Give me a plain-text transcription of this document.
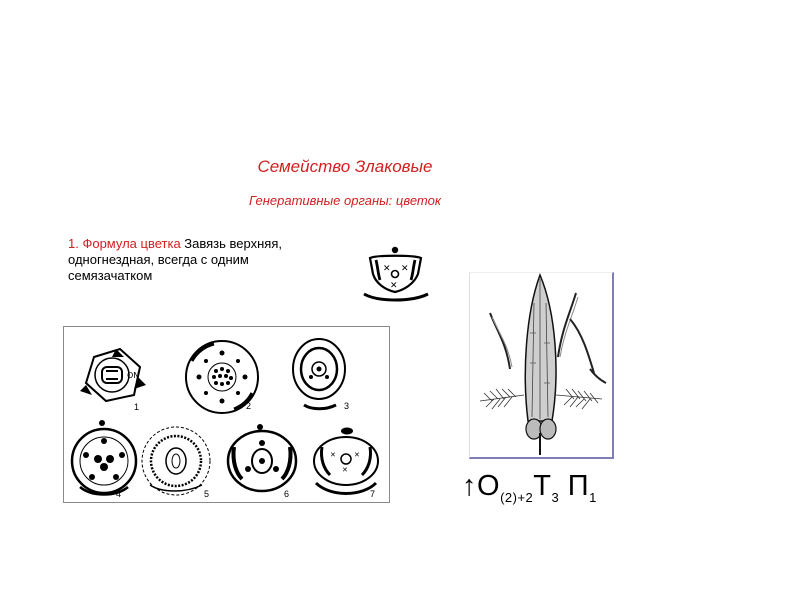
Семейство Злаковые
Генеративные органы: цветок
1. Формула цветка Завязь верхняя, одногнездная, всегда с одним семязачатком	✕ ✕
✕
ON
1	2	3
4	5	6
✕	✕
✕
7	$↑О_{(2)+2}Т_3$ $П_1$
